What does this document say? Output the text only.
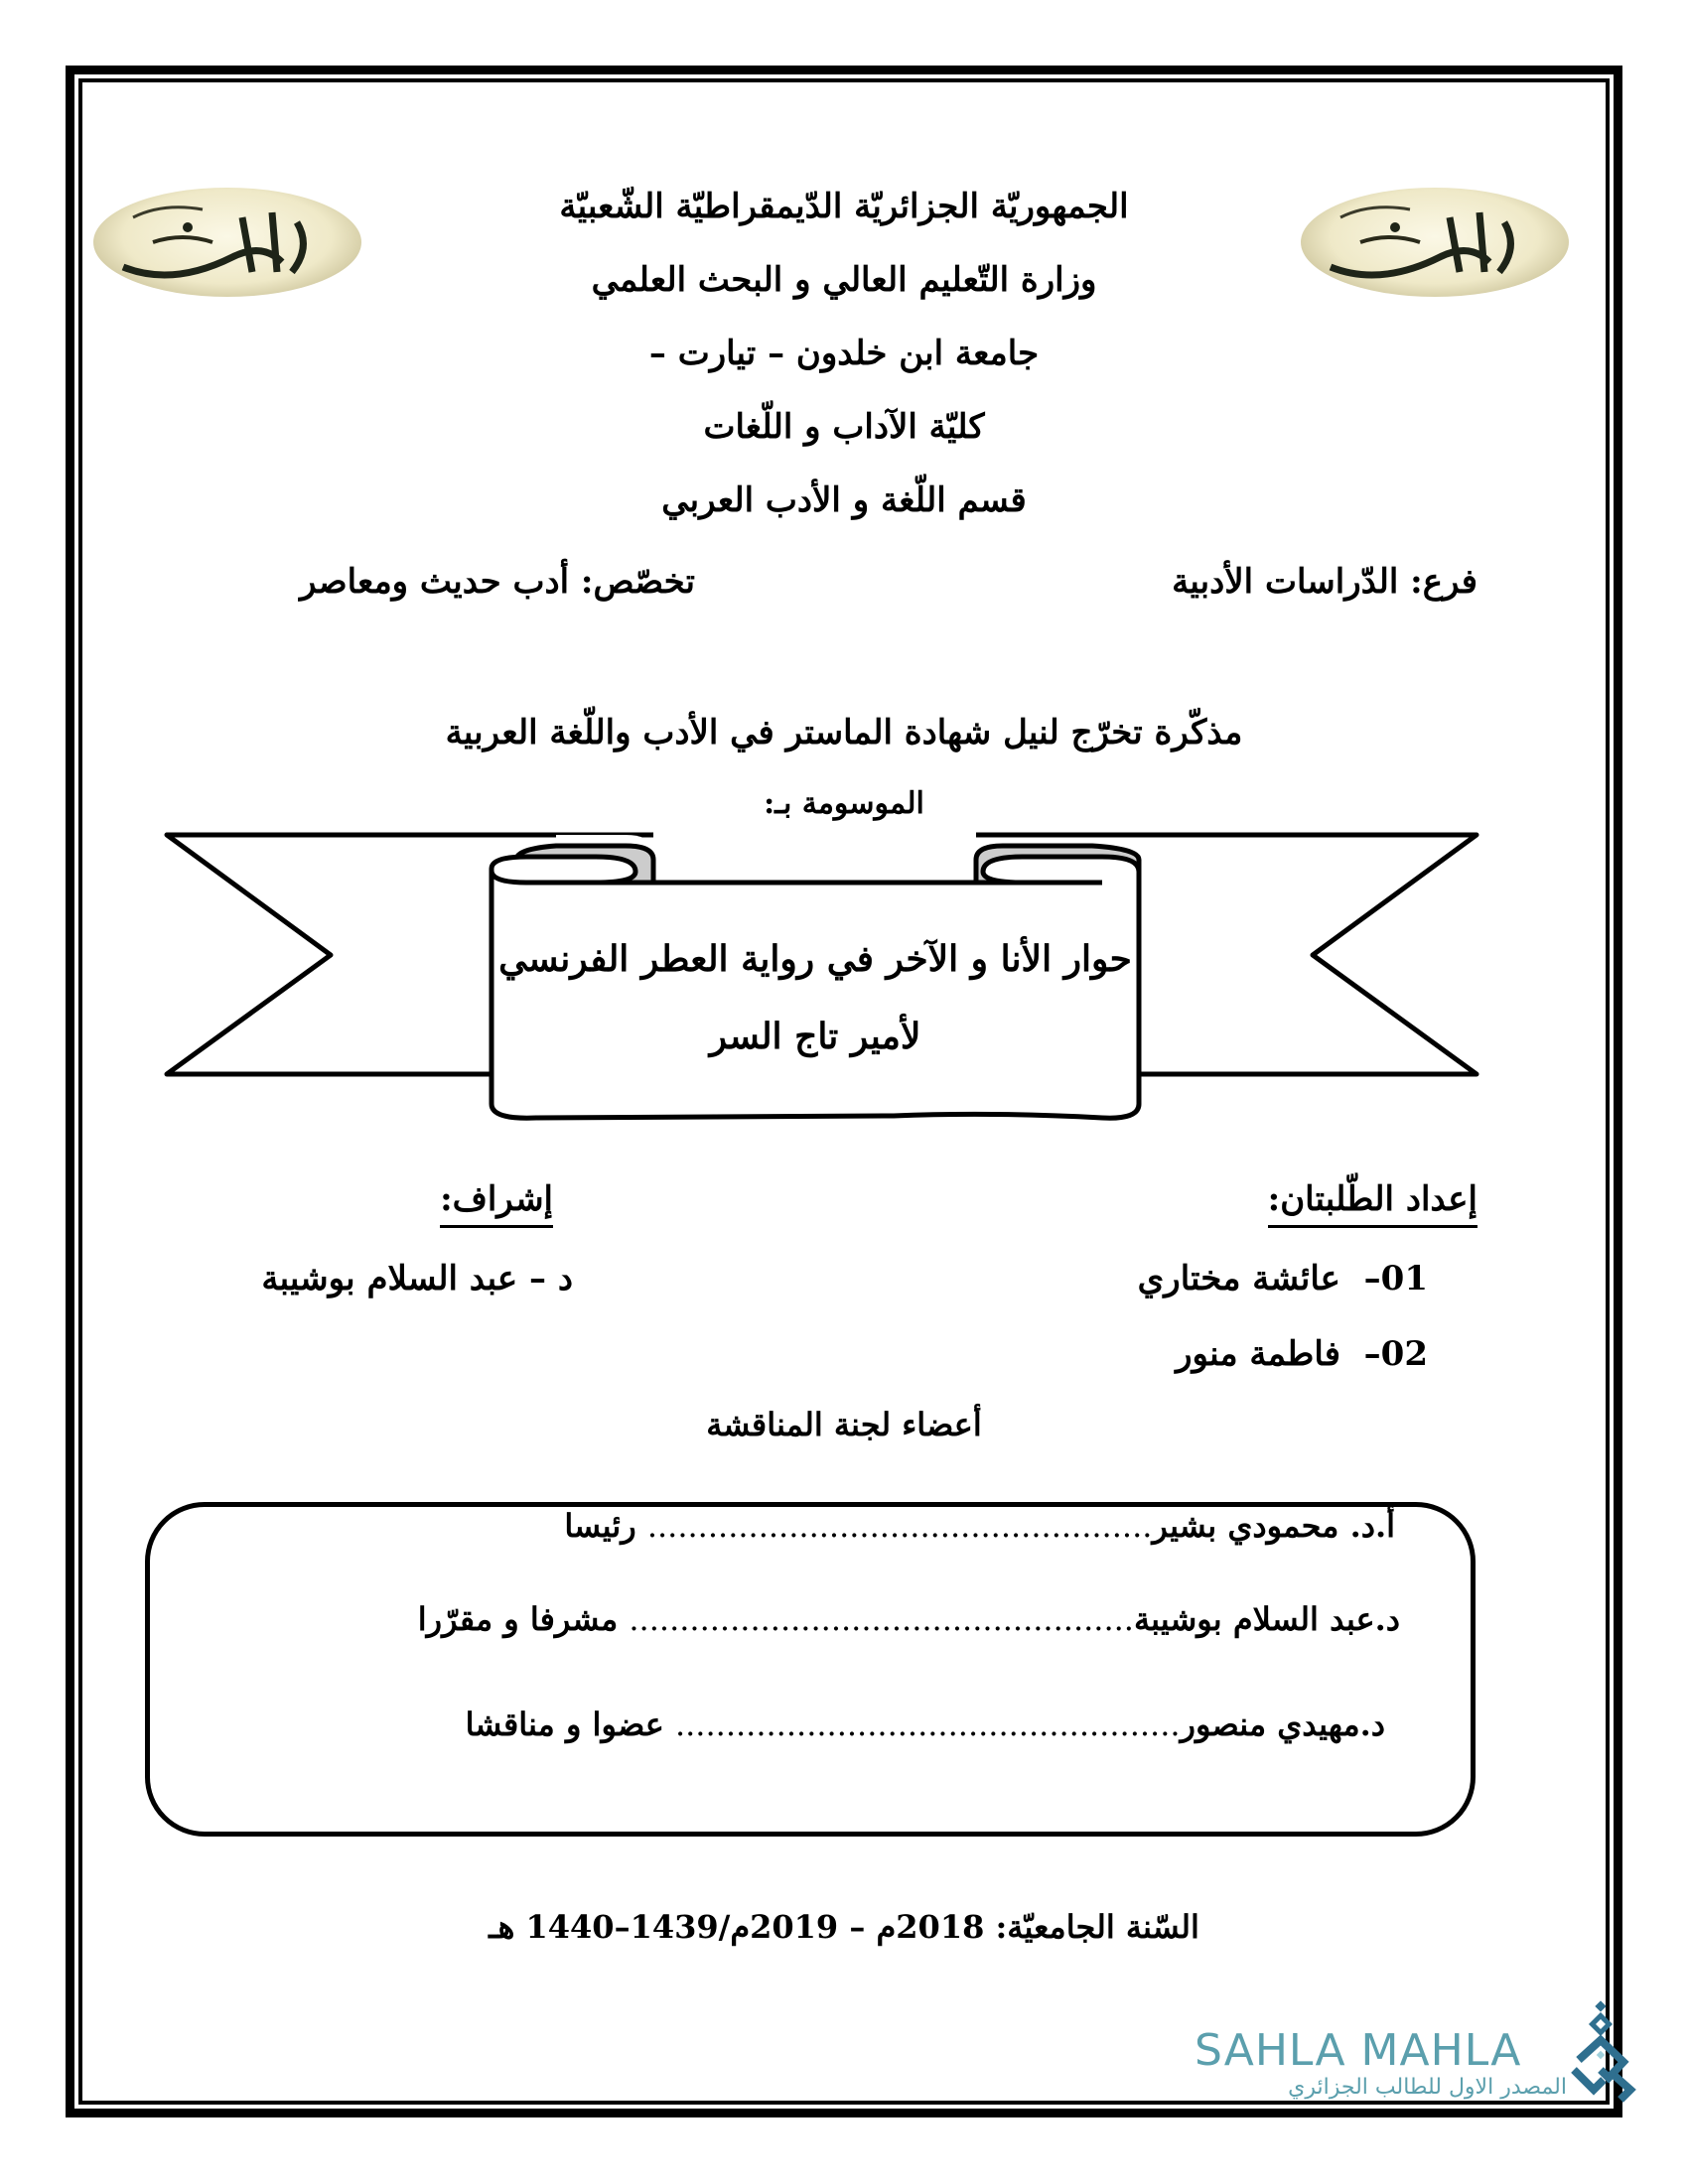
الجمهوريّة الجزائريّة الدّيمقراطيّة الشّعبيّة
وزارة التّعليم العالي و البحث العلمي
جامعة ابن خلدون – تيارت –
كليّة الآداب و اللّغات
قسم اللّغة و الأدب العربي
فرع: الدّراسات الأدبية
تخصّص: أدب حديث ومعاصر
مذكّرة تخرّج لنيل شهادة الماستر في الأدب واللّغة العربية
الموسومة بـ:
حوار الأنا و الآخر في رواية العطر الفرنسي
لأمير تاج السر
إعداد الطّلبتان:
01–  عائشة مختاري
02–  فاطمة منور
إشراف:
د – عبد السلام بوشيبة
أعضاء لجنة المناقشة
أ.د. محمودي بشير.................................................. رئيسا
د.عبد السلام بوشيبة.................................................. مشرفا و مقرّرا
د.مهيدي منصور.................................................. عضوا و مناقشا
السّنة الجامعيّة: 2018م – 2019م/1439–1440 هـ
SAHLA MAHLA
المصدر الاول للطالب الجزائري
